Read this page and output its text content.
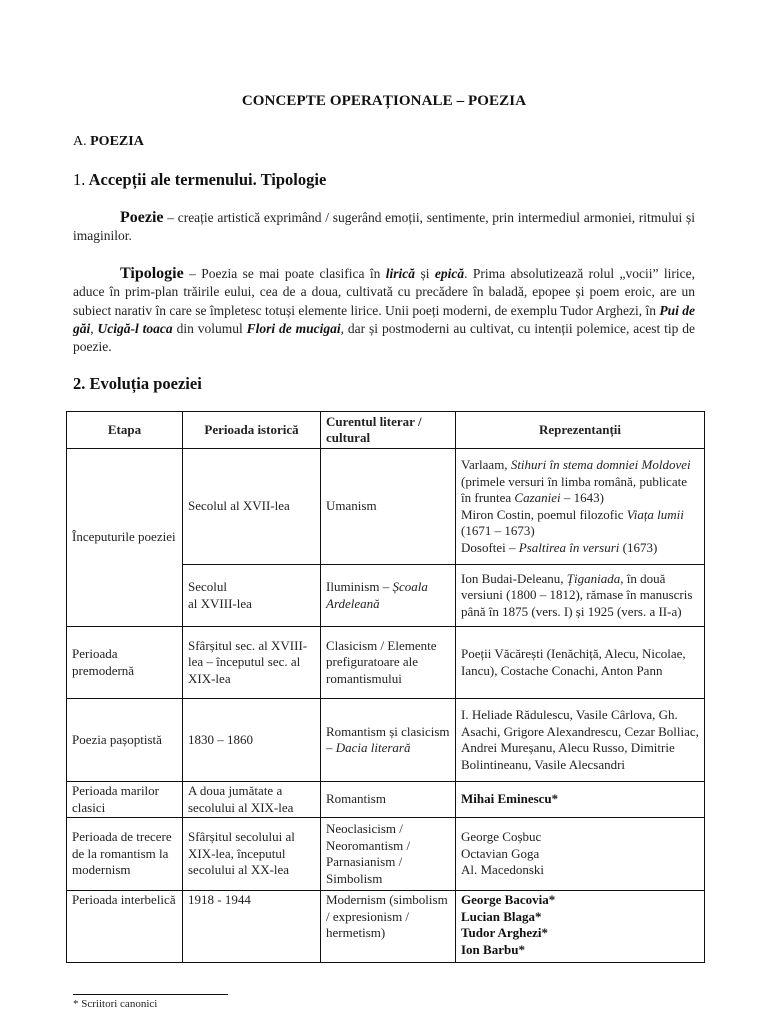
CONCEPTE OPERAȚIONALE – POEZIA
A. POEZIA
1. Accepții ale termenului. Tipologie
Poezie – creație artistică exprimând / sugerând emoții, sentimente, prin intermediul armoniei, ritmului și imaginilor.
Tipologie – Poezia se mai poate clasifica în lirică și epică. Prima absolutizează rolul „vocii” lirice, aduce în prim-plan trăirile eului, cea de a doua, cultivată cu precădere în baladă, epopee și poem eroic, are un subiect narativ în care se împletesc totuși elemente lirice. Unii poeți moderni, de exemplu Tudor Arghezi, în Pui de găi, Ucigă-l toaca din volumul Flori de mucigai, dar și postmoderni au cultivat, cu intenții polemice, acest tip de poezie.
2. Evoluția poeziei
Etapa	Perioada istorică	Curentul literar / cultural	Reprezentanții
Începuturile poeziei	Secolul al XVII-lea	Umanism	Varlaam, Stihuri în stema domniei Moldovei (primele versuri în limba română, publicate în fruntea Cazaniei – 1643)
Miron Costin, poemul filozofic Viața lumii (1671 – 1673)
Dosoftei – Psaltirea în versuri (1673)
	Secolul
al XVIII-lea	Iluminism – Școala Ardeleană	Ion Budai-Deleanu, Țiganiada, în două versiuni (1800 – 1812), rămase în manuscris până în 1875 (vers. I) și 1925 (vers. a II-a)
Perioada premodernă	Sfârșitul sec. al XVIII-lea – începutul sec. al XIX-lea	Clasicism / Elemente prefiguratoare ale romantismului	Poeții Văcărești (Ienăchiță, Alecu, Nicolae, Iancu), Costache Conachi, Anton Pann
Poezia pașoptistă	1830 – 1860	Romantism și clasicism – Dacia literară	I. Heliade Rădulescu, Vasile Cârlova, Gh. Asachi, Grigore Alexandrescu, Cezar Bolliac, Andrei Mureșanu, Alecu Russo, Dimitrie Bolintineanu, Vasile Alecsandri
Perioada marilor clasici	A doua jumătate a secolului al XIX-lea	Romantism	Mihai Eminescu*
Perioada de trecere de la romantism la modernism	Sfârșitul secolului al XIX-lea, începutul secolului al XX-lea	Neoclasicism / Neoromantism / Parnasianism / Simbolism	George Coșbuc
Octavian Goga
Al. Macedonski
Perioada interbelică	1918 - 1944	Modernism (simbolism / expresionism / hermetism)	George Bacovia*
Lucian Blaga*
Tudor Arghezi*
Ion Barbu*
* Scriitori canonici
